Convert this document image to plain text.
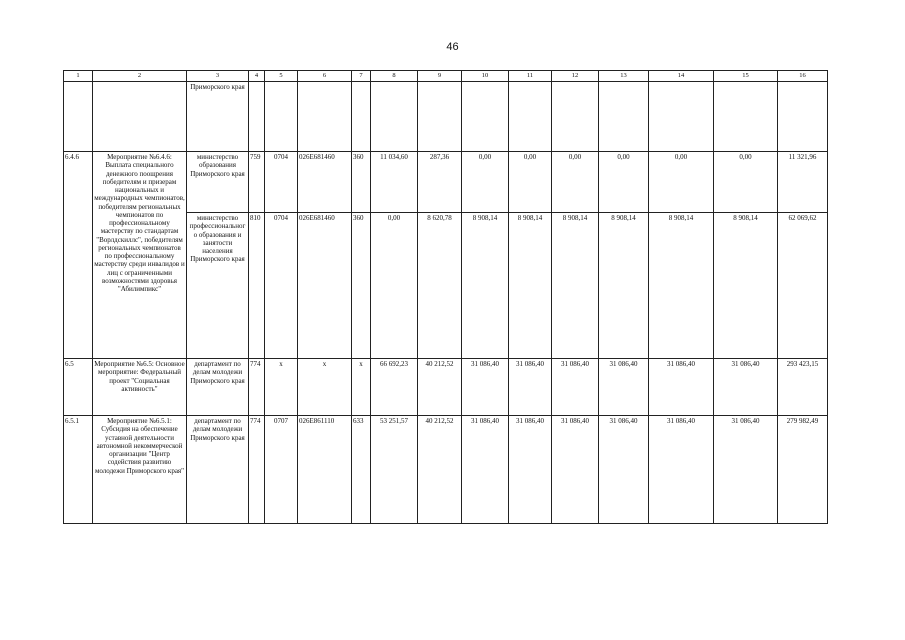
46
1	2	3	4	5	6	7	8	9	10	11	12	13	14	15	16
		Приморского края													
6.4.6	Мероприятие №6.4.6: Выплата специального денежного поощрения победителям и призерам национальных и международных чемпионатов, победителям региональных чемпионатов по профессиональному мастерству по стандартам "Ворлдскиллс", победителям региональных чемпионатов по профессиональному мастерству среди инвалидов и лиц с ограниченными возможностями здоровья "Абилимпикс"	министерство образования Приморского края	759	0704	026E681460	360	11 034,60	287,36	0,00	0,00	0,00	0,00	0,00	0,00	11 321,96
		министерство профессионального образования и занятости населения Приморского края	810	0704	026E681460	360	0,00	8 620,78	8 908,14	8 908,14	8 908,14	8 908,14	8 908,14	8 908,14	62 069,62
6.5	Мероприятие №6.5: Основное мероприятие: Федеральный проект "Социальная активность"	департамент по делам молодежи Приморского края	774	x	x	x	66 692,23	40 212,52	31 086,40	31 086,40	31 086,40	31 086,40	31 086,40	31 086,40	293 423,15
6.5.1	Мероприятие №6.5.1: Субсидия на обеспечение уставной деятельности автономной некоммерческой организации "Центр содействия развитию молодежи Приморского края"	департамент по делам молодежи Приморского края	774	0707	026E861110	633	53 251,57	40 212,52	31 086,40	31 086,40	31 086,40	31 086,40	31 086,40	31 086,40	279 982,49
